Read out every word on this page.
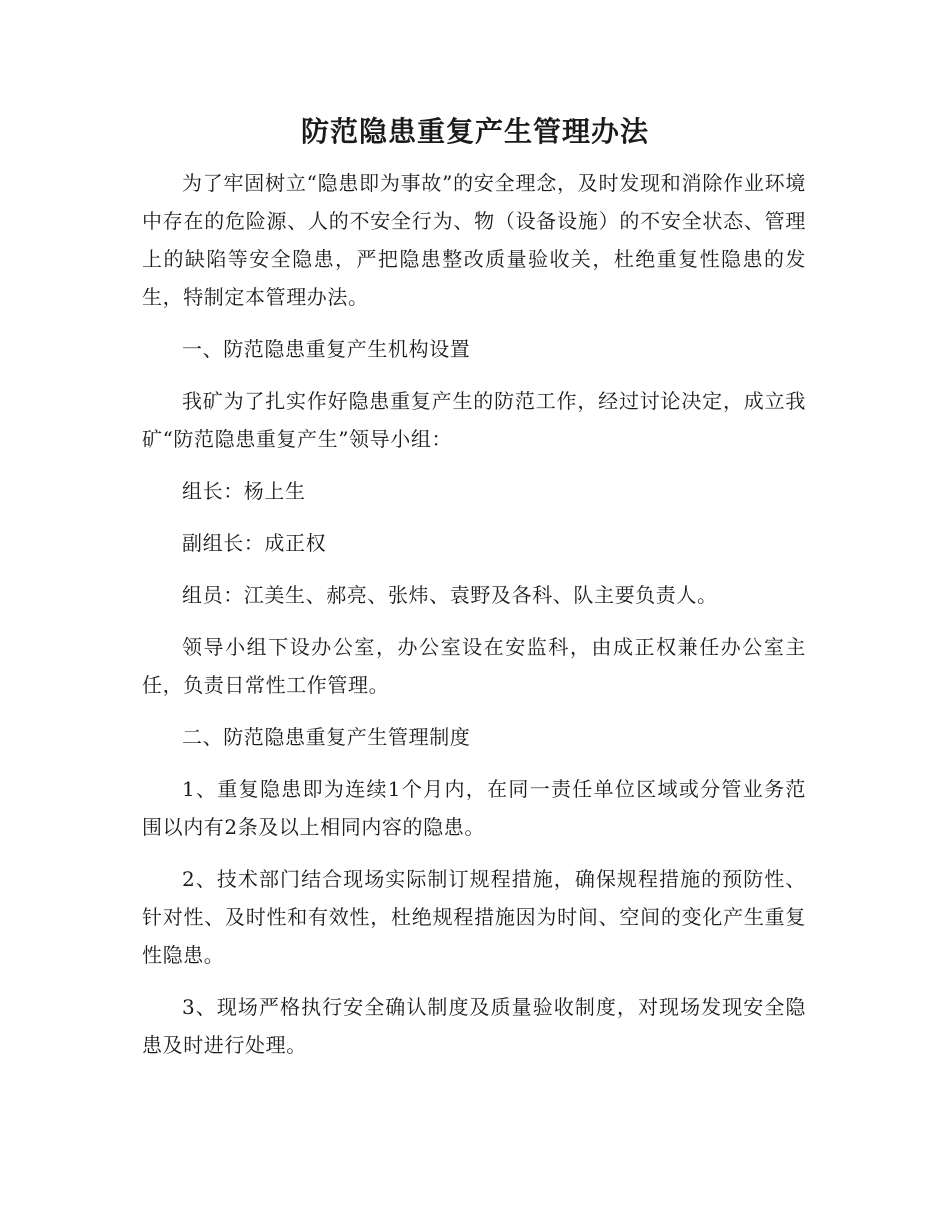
防范隐患重复产生管理办法

为了牢固树立“隐患即为事故”的安全理念，及时发现和消除作业环境中存在的危险源、人的不安全行为、物（设备设施）的不安全状态、管理上的缺陷等安全隐患，严把隐患整改质量验收关，杜绝重复性隐患的发生，特制定本管理办法。

一、防范隐患重复产生机构设置

我矿为了扎实作好隐患重复产生的防范工作，经过讨论决定，成立我矿“防范隐患重复产生”领导小组：

组长：杨上生

副组长：成正权

组员：江美生、郝亮、张炜、袁野及各科、队主要负责人。

领导小组下设办公室，办公室设在安监科，由成正权兼任办公室主任，负责日常性工作管理。

二、防范隐患重复产生管理制度

1、重复隐患即为连续1个月内，在同一责任单位区域或分管业务范围以内有2条及以上相同内容的隐患。

2、技术部门结合现场实际制订规程措施，确保规程措施的预防性、针对性、及时性和有效性，杜绝规程措施因为时间、空间的变化产生重复性隐患。

3、现场严格执行安全确认制度及质量验收制度，对现场发现安全隐患及时进行处理。
